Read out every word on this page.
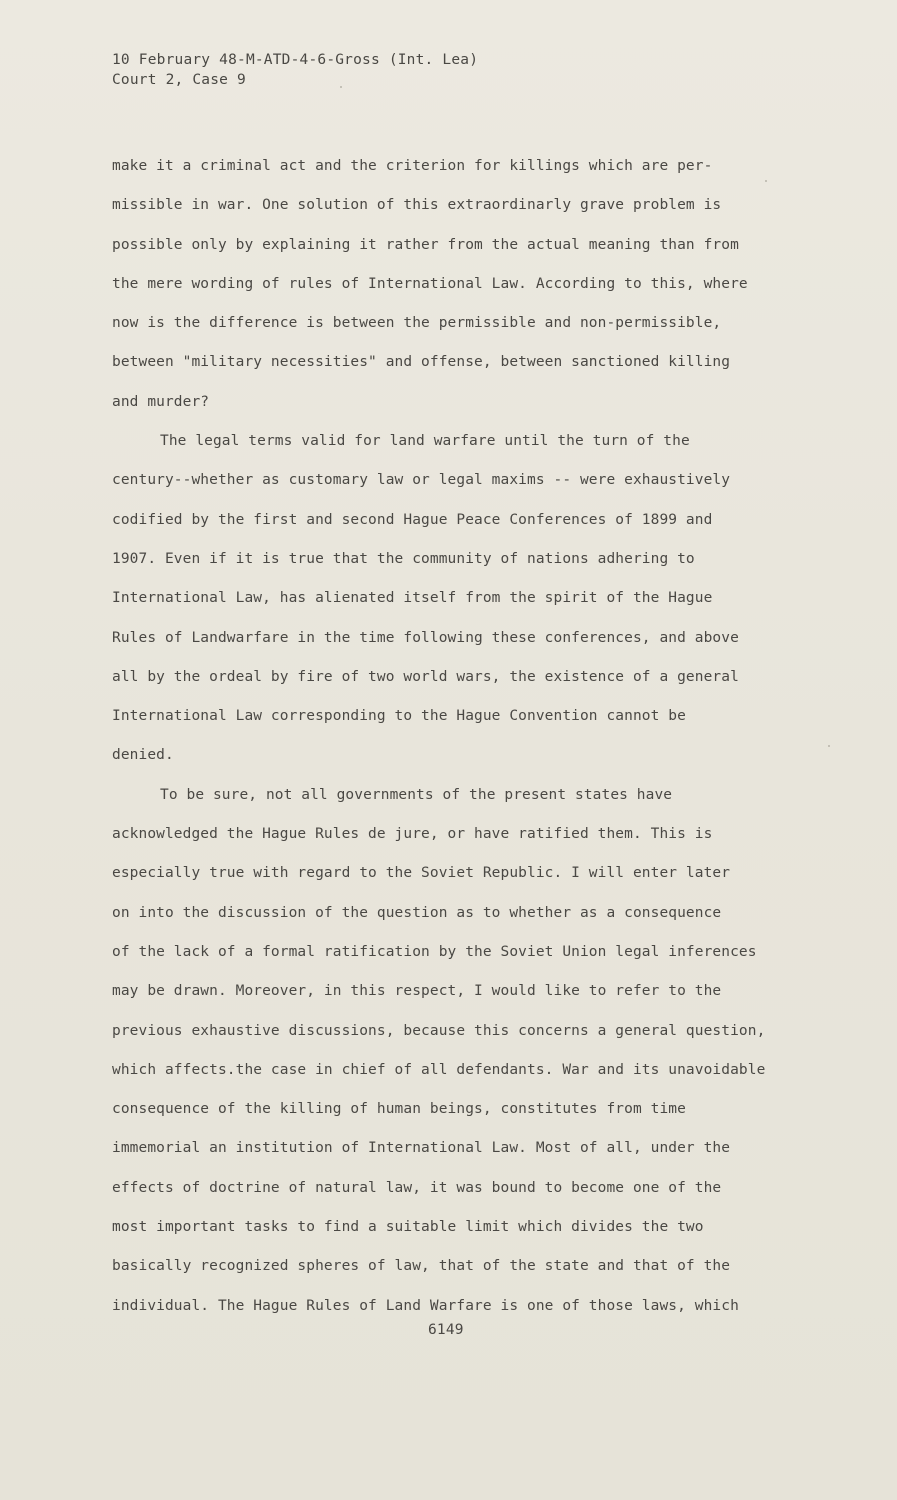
10 February 48-M-ATD-4-6-Gross (Int. Lea)
Court 2, Case 9
make it a criminal act and the criterion for killings which are per-
missible in war. One solution of this extraordinarly grave problem is
possible only by explaining it rather from the actual meaning than from
the mere wording of rules of International Law. According to this, where
now is the difference is between the permissible and non-permissible,
between "military necessities" and offense, between sanctioned killing
and murder?
The legal terms valid for land warfare until the turn of the
century--whether as customary law or legal maxims -- were exhaustively
codified by the first and second Hague Peace Conferences of 1899 and
1907. Even if it is true that the community of nations adhering to
International Law, has alienated itself from the spirit of the Hague
Rules of Landwarfare in the time following these conferences, and above
all by the ordeal by fire of two world wars, the existence of a general
International Law corresponding to the Hague Convention cannot be
denied.
To be sure, not all governments of the present states have
acknowledged the Hague Rules de jure, or have ratified them. This is
especially true with regard to the Soviet Republic. I will enter later
on into the discussion of the question as to whether as a consequence
of the lack of a formal ratification by the Soviet Union legal inferences
may be drawn. Moreover, in this respect, I would like to refer to the
previous exhaustive discussions, because this concerns a general question,
which affects.the case in chief of all defendants. War and its unavoidable
consequence of the killing of human beings, constitutes from time
immemorial an institution of International Law. Most of all, under the
effects of doctrine of natural law, it was bound to become one of the
most important tasks to find a suitable limit which divides the two
basically recognized spheres of law, that of the state and that of the
individual. The Hague Rules of Land Warfare is one of those laws, which
6149
